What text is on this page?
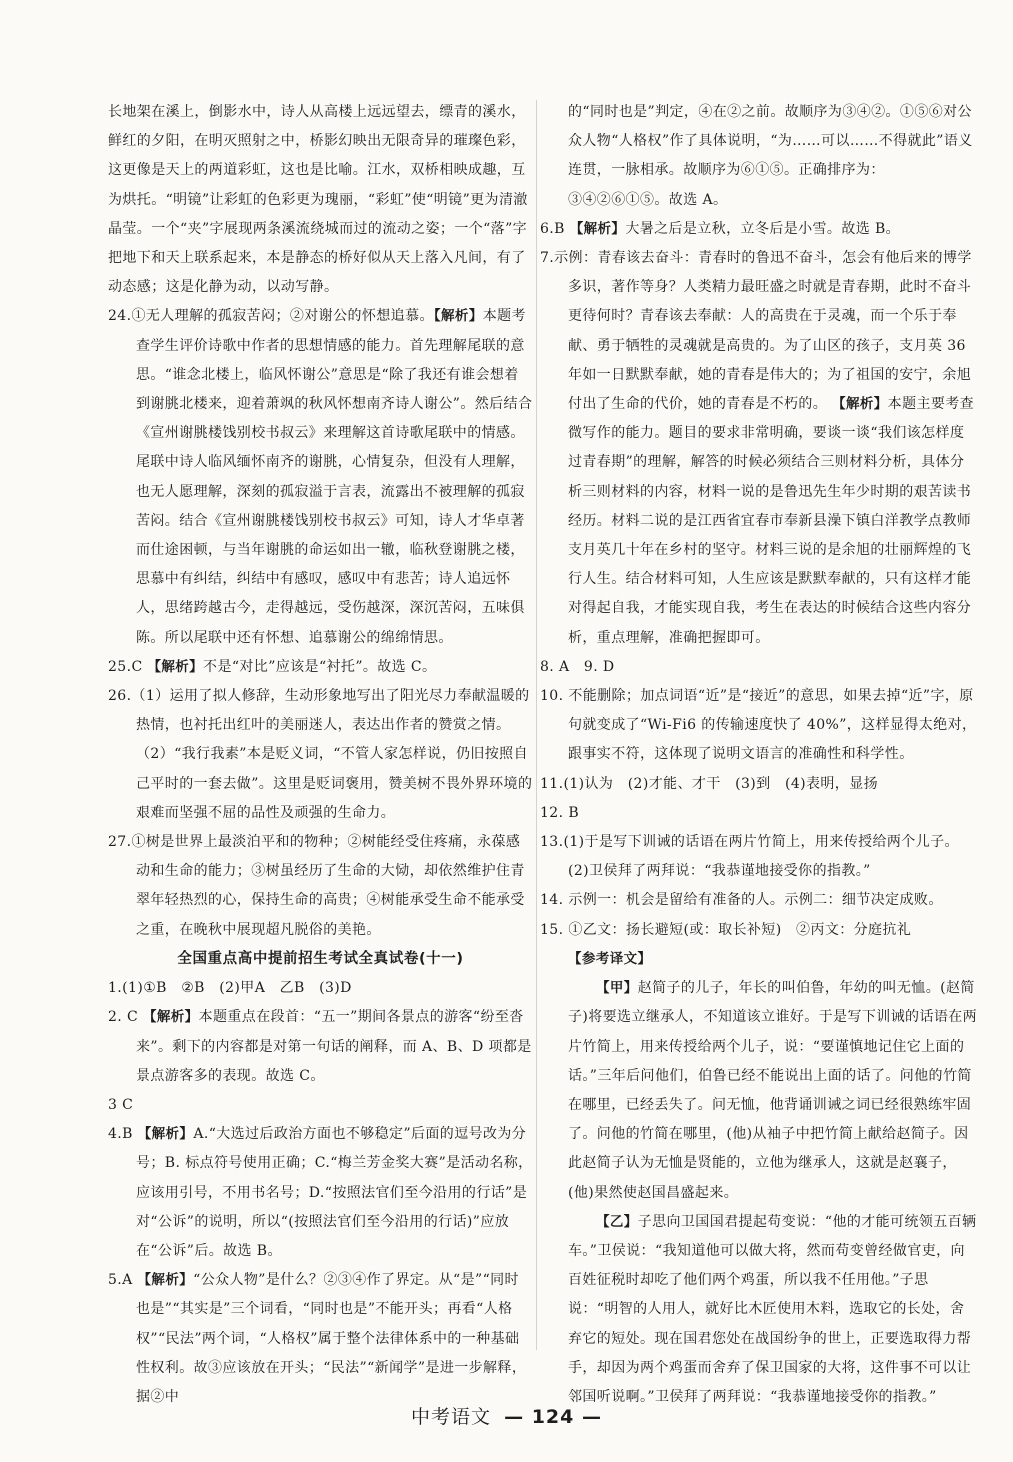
长地架在溪上，倒影水中，诗人从高楼上远远望去，缥青的溪水，鲜红的夕阳，在明灭照射之中，桥影幻映出无限奇异的璀璨色彩，这更像是天上的两道彩虹，这也是比喻。江水，双桥相映成趣，互为烘托。“明镜”让彩虹的色彩更为瑰丽，“彩虹”使“明镜”更为清澈晶莹。一个“夹”字展现两条溪流绕城而过的流动之姿；一个“落”字把地下和天上联系起来，本是静态的桥好似从天上落入凡间，有了动态感；这是化静为动，以动写静。

24.①无人理解的孤寂苦闷；②对谢公的怀想追慕。【解析】本题考查学生评价诗歌中作者的思想情感的能力。首先理解尾联的意思。“谁念北楼上，临风怀谢公”意思是“除了我还有谁会想着到谢朓北楼来，迎着萧飒的秋风怀想南齐诗人谢公”。然后结合《宣州谢朓楼饯别校书叔云》来理解这首诗歌尾联中的情感。尾联中诗人临风缅怀南齐的谢朓，心情复杂，但没有人理解，也无人愿理解，深刻的孤寂溢于言表，流露出不被理解的孤寂苦闷。结合《宣州谢朓楼饯别校书叔云》可知，诗人才华卓著而仕途困顿，与当年谢朓的命运如出一辙，临秋登谢朓之楼，思慕中有纠结，纠结中有感叹，感叹中有悲苦；诗人追远怀人，思绪跨越古今，走得越远，受伤越深，深沉苦闷，五味俱陈。所以尾联中还有怀想、追慕谢公的绵绵情思。

25.C 【解析】不是“对比”应该是“衬托”。故选 C。

26.（1）运用了拟人修辞，生动形象地写出了阳光尽力奉献温暖的热情，也衬托出红叶的美丽迷人，表达出作者的赞赏之情。

（2）“我行我素”本是贬义词，“不管人家怎样说，仍旧按照自己平时的一套去做”。这里是贬词褒用，赞美树不畏外界环境的艰难而坚强不屈的品性及顽强的生命力。

27.①树是世界上最淡泊平和的物种；②树能经受住疼痛，永葆感动和生命的能力；③树虽经历了生命的大恸，却依然维护住青翠年轻热烈的心，保持生命的高贵；④树能承受生命不能承受之重，在晚秋中展现超凡脱俗的美艳。

全国重点高中提前招生考试全真试卷(十一)

1.(1)①B　②B　(2)甲A　乙B　(3)D

2. C 【解析】本题重点在段首：“五一”期间各景点的游客“纷至沓来”。剩下的内容都是对第一句话的阐释，而 A、B、D 项都是景点游客多的表现。故选 C。

3 C

4.B 【解析】A.“大选过后政治方面也不够稳定”后面的逗号改为分号；B. 标点符号使用正确；C.“梅兰芳金奖大赛”是活动名称，应该用引号，不用书名号；D.“按照法官们至今沿用的行话”是对“公诉”的说明，所以“(按照法官们至今沿用的行话)”应放在“公诉”后。故选 B。

5.A 【解析】“公众人物”是什么？②③④作了界定。从“是”“同时也是”“其实是”三个词看，“同时也是”不能开头；再看“人格权”“民法”两个词，“人格权”属于整个法律体系中的一种基础性权利。故③应该放在开头；“民法”“新闻学”是进一步解释，据②中

的“同时也是”判定，④在②之前。故顺序为③④②。①⑤⑥对公众人物“人格权”作了具体说明，“为……可以……不得就此”语义连贯，一脉相承。故顺序为⑥①⑤。正确排序为：③④②⑥①⑤。故选 A。

6.B 【解析】大暑之后是立秋，立冬后是小雪。故选 B。

7.示例：青春该去奋斗：青春时的鲁迅不奋斗，怎会有他后来的博学多识，著作等身？人类精力最旺盛之时就是青春期，此时不奋斗更待何时？青春该去奉献：人的高贵在于灵魂，而一个乐于奉献、勇于牺牲的灵魂就是高贵的。为了山区的孩子，支月英 36 年如一日默默奉献，她的青春是伟大的；为了祖国的安宁，余旭付出了生命的代价，她的青春是不朽的。 【解析】本题主要考查微写作的能力。题目的要求非常明确，要谈一谈“我们该怎样度过青春期”的理解，解答的时候必须结合三则材料分析，具体分析三则材料的内容，材料一说的是鲁迅先生年少时期的艰苦读书经历。材料二说的是江西省宜春市奉新县澡下镇白洋教学点教师支月英几十年在乡村的坚守。材料三说的是余旭的壮丽辉煌的飞行人生。结合材料可知，人生应该是默默奉献的，只有这样才能对得起自我，才能实现自我，考生在表达的时候结合这些内容分析，重点理解，准确把握即可。

8. A　9. D

10. 不能删除；加点词语“近”是“接近”的意思，如果去掉“近”字，原句就变成了“Wi-Fi6 的传输速度快了 40%”，这样显得太绝对，跟事实不符，这体现了说明文语言的准确性和科学性。

11.(1)认为　(2)才能、才干　(3)到　(4)表明，显扬

12. B

13.(1)于是写下训诫的话语在两片竹简上，用来传授给两个儿子。

(2)卫侯拜了两拜说：“我恭谨地接受你的指教。”

14. 示例一：机会是留给有准备的人。示例二：细节决定成败。

15. ①乙文：扬长避短(或：取长补短)　②丙文：分庭抗礼

【参考译文】

【甲】赵简子的儿子，年长的叫伯鲁，年幼的叫无恤。(赵简子)将要选立继承人，不知道该立谁好。于是写下训诫的话语在两片竹简上，用来传授给两个儿子，说：“要谨慎地记住它上面的话。”三年后问他们，伯鲁已经不能说出上面的话了。问他的竹简在哪里，已经丢失了。问无恤，他背诵训诫之词已经很熟练牢固了。问他的竹简在哪里，(他)从袖子中把竹简上献给赵简子。因此赵简子认为无恤是贤能的，立他为继承人，这就是赵襄子，(他)果然使赵国昌盛起来。

【乙】子思向卫国国君提起苟变说：“他的才能可统领五百辆车。”卫侯说：“我知道他可以做大将，然而苟变曾经做官吏，向百姓征税时却吃了他们两个鸡蛋，所以我不任用他。”子思说：“明智的人用人，就好比木匠使用木料，选取它的长处，舍弃它的短处。现在国君您处在战国纷争的世上，正要选取得力帮手，却因为两个鸡蛋而舍弃了保卫国家的大将，这件事不可以让邻国听说啊。”卫侯拜了两拜说：“我恭谨地接受你的指教。”

中考语文 — 124 —
